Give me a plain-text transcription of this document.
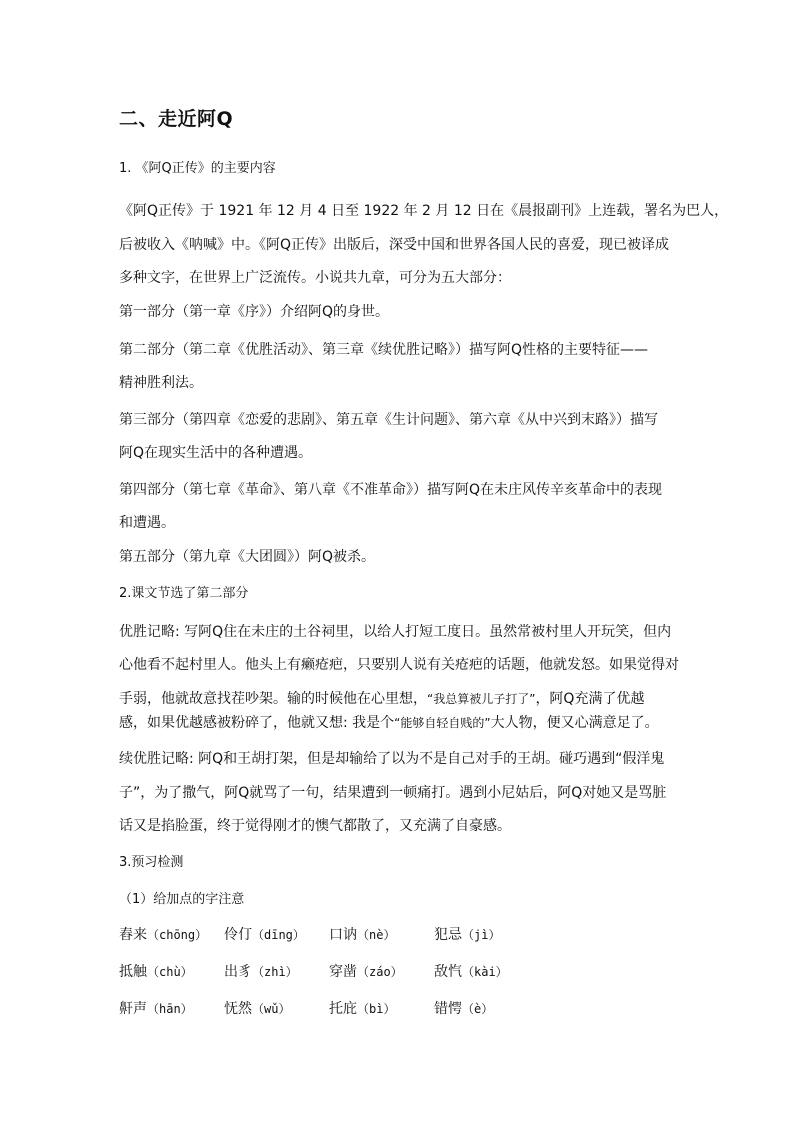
二、走近阿Q
1. 《阿Q正传》的主要内容
《阿Q正传》于 1921 年 12 月 4 日至 1922 年 2 月 12 日在《晨报副刊》上连载，署名为巴人，
后被收入《呐喊》中。《阿Q正传》出版后，深受中国和世界各国人民的喜爱，现已被译成
多种文字，在世界上广泛流传。小说共九章，可分为五大部分：
第一部分（第一章《序》）介绍阿Q的身世。
第二部分（第二章《优胜活动》、第三章《续优胜记略》）描写阿Q性格的主要特征——
精神胜利法。
第三部分（第四章《恋爱的悲剧》、第五章《生计问题》、第六章《从中兴到末路》）描写
阿Q在现实生活中的各种遭遇。
第四部分（第七章《革命》、第八章《不准革命》）描写阿Q在未庄风传辛亥革命中的表现
和遭遇。
第五部分（第九章《大团圆》）阿Q被杀。
2.课文节选了第二部分
优胜记略: 写阿Q住在未庄的土谷祠里，以给人打短工度日。虽然常被村里人开玩笑，但内
心他看不起村里人。他头上有癞疮疤，只要别人说有关疮疤的话题，他就发怒。如果觉得对
手弱，他就故意找茬吵架。输的时候他在心里想，“我总算被儿子打了”，阿Q充满了优越
感，如果优越感被粉碎了，他就又想: 我是个“能够自轻自贱的”大人物，便又心满意足了。
续优胜记略: 阿Q和王胡打架，但是却输给了以为不是自己对手的王胡。碰巧遇到“假洋鬼
子”，为了撒气，阿Q就骂了一句，结果遭到一顿痛打。遇到小尼姑后，阿Q对她又是骂脏
话又是掐脸蛋，终于觉得刚才的懊气都散了，又充满了自豪感。
3.预习检测
（1）给加点的字注意
舂来（chōng） 伶仃（dīng） 口讷（nè）	犯忌（jì）
抵触（chù） 出豸（zhì） 穿凿（záo） 敌忾（kài）
鼾声（hān） 怃然（wǔ）	托庇（bì）	错愕（è）
